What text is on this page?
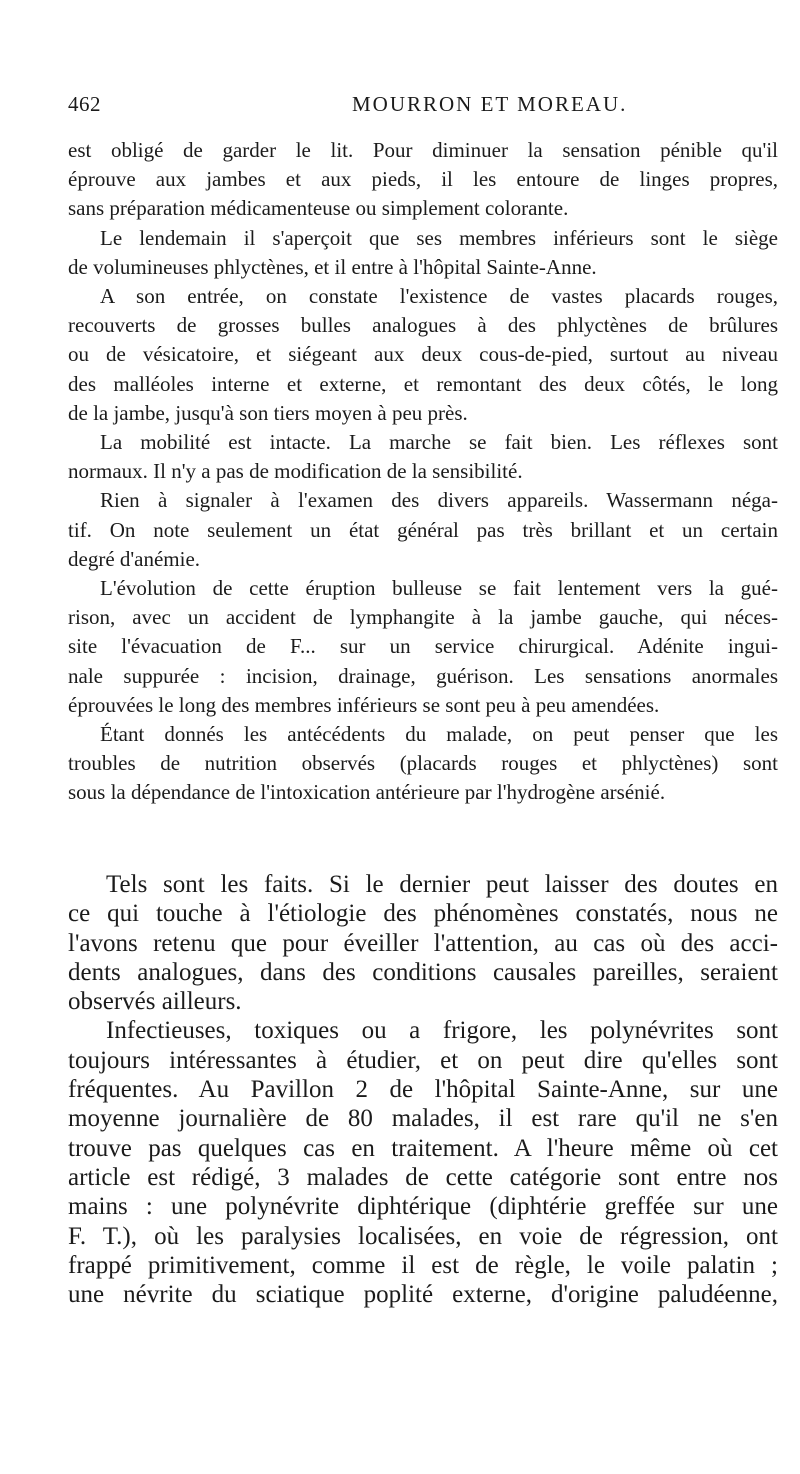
462	MOURRON ET MOREAU.
est obligé de garder le lit. Pour diminuer la sensation pénible qu'il
éprouve aux jambes et aux pieds, il les entoure de linges propres,
sans préparation médicamenteuse ou simplement colorante.
Le lendemain il s'aperçoit que ses membres inférieurs sont le siège
de volumineuses phlyctènes, et il entre à l'hôpital Sainte-Anne.
A son entrée, on constate l'existence de vastes placards rouges,
recouverts de grosses bulles analogues à des phlyctènes de brûlures
ou de vésicatoire, et siégeant aux deux cous-de-pied, surtout au niveau
des malléoles interne et externe, et remontant des deux côtés, le long
de la jambe, jusqu'à son tiers moyen à peu près.
La mobilité est intacte. La marche se fait bien. Les réflexes sont
normaux. Il n'y a pas de modification de la sensibilité.
Rien à signaler à l'examen des divers appareils. Wassermann néga-
tif. On note seulement un état général pas très brillant et un certain
degré d'anémie.
L'évolution de cette éruption bulleuse se fait lentement vers la gué-
rison, avec un accident de lymphangite à la jambe gauche, qui néces-
site l'évacuation de F... sur un service chirurgical. Adénite ingui-
nale suppurée : incision, drainage, guérison. Les sensations anormales
éprouvées le long des membres inférieurs se sont peu à peu amendées.
Étant donnés les antécédents du malade, on peut penser que les
troubles de nutrition observés (placards rouges et phlyctènes) sont
sous la dépendance de l'intoxication antérieure par l'hydrogène arsénié.
Tels sont les faits. Si le dernier peut laisser des doutes en
ce qui touche à l'étiologie des phénomènes constatés, nous ne
l'avons retenu que pour éveiller l'attention, au cas où des acci-
dents analogues, dans des conditions causales pareilles, seraient
observés ailleurs.
Infectieuses, toxiques ou a frigore, les polynévrites sont
toujours intéressantes à étudier, et on peut dire qu'elles sont
fréquentes. Au Pavillon 2 de l'hôpital Sainte-Anne, sur une
moyenne journalière de 80 malades, il est rare qu'il ne s'en
trouve pas quelques cas en traitement. A l'heure même où cet
article est rédigé, 3 malades de cette catégorie sont entre nos
mains : une polynévrite diphtérique (diphtérie greffée sur une
F. T.), où les paralysies localisées, en voie de régression, ont
frappé primitivement, comme il est de règle, le voile palatin ;
une névrite du sciatique poplité externe, d'origine paludéenne,
